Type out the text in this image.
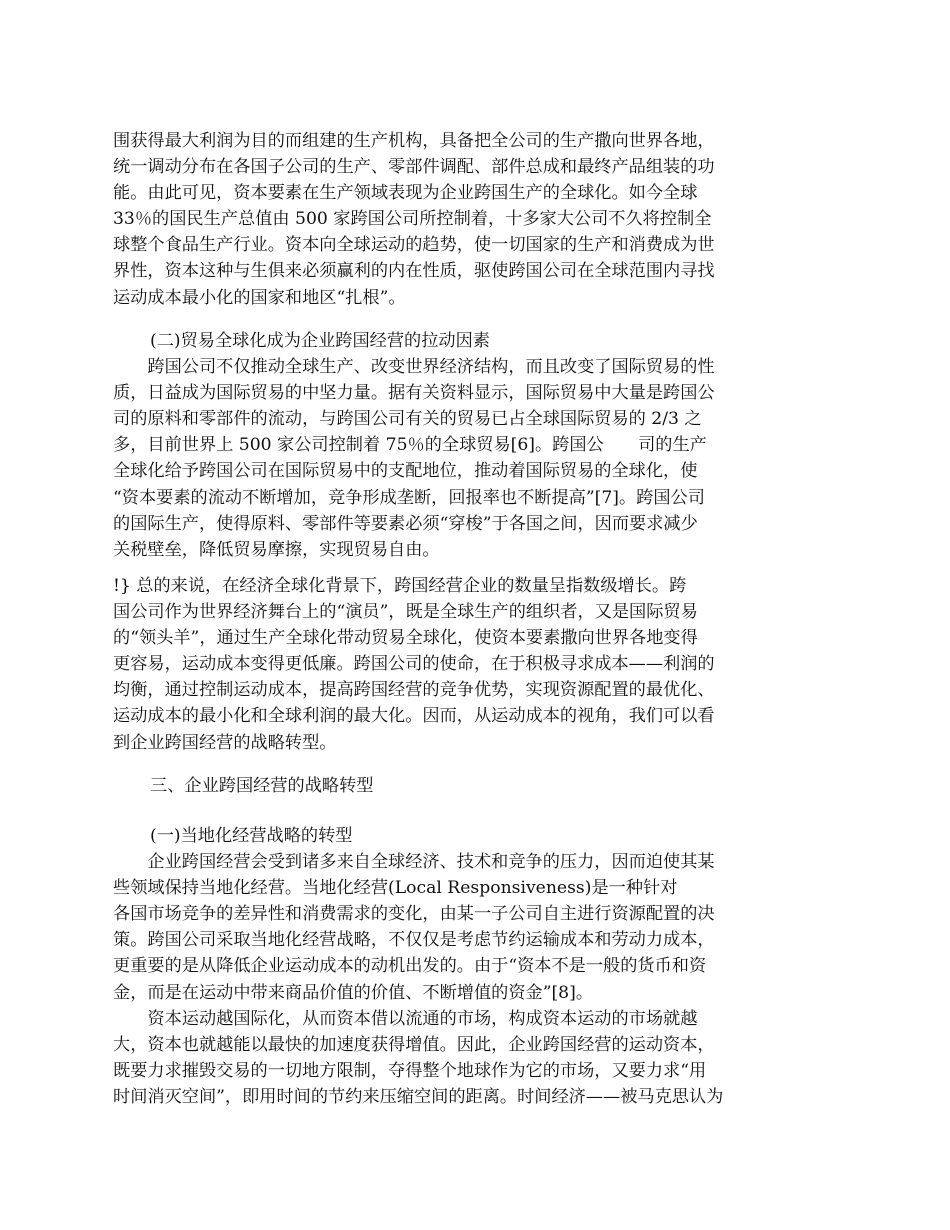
围获得最大利润为目的而组建的生产机构，具备把全公司的生产撒向世界各地，

统一调动分布在各国子公司的生产、零部件调配、部件总成和最终产品组装的功

能。由此可见，资本要素在生产领域表现为企业跨国生产的全球化。如今全球

33％的国民生产总值由 500 家跨国公司所控制着，十多家大公司不久将控制全

球整个食品生产行业。资本向全球运动的趋势，使一切国家的生产和消费成为世

界性，资本这种与生俱来必须赢利的内在性质，驱使跨国公司在全球范围内寻找

运动成本最小化的国家和地区“扎根”。

(二)贸易全球化成为企业跨国经营的拉动因素

　　跨国公司不仅推动全球生产、改变世界经济结构，而且改变了国际贸易的性

质，日益成为国际贸易的中坚力量。据有关资料显示，国际贸易中大量是跨国公

司的原料和零部件的流动，与跨国公司有关的贸易已占全球国际贸易的 2/3 之

多，目前世界上 500 家公司控制着 75％的全球贸易[6]。跨国公　　司的生产

全球化给予跨国公司在国际贸易中的支配地位，推动着国际贸易的全球化，使

“资本要素的流动不断增加，竞争形成垄断，回报率也不断提高”[7]。跨国公司

的国际生产，使得原料、零部件等要素必须“穿梭”于各国之间，因而要求减少

关税壁垒，降低贸易摩擦，实现贸易自由。

!} 总的来说，在经济全球化背景下，跨国经营企业的数量呈指数级增长。跨

国公司作为世界经济舞台上的“演员”，既是全球生产的组织者，又是国际贸易

的“领头羊”，通过生产全球化带动贸易全球化，使资本要素撒向世界各地变得

更容易，运动成本变得更低廉。跨国公司的使命，在于积极寻求成本——利润的

均衡，通过控制运动成本，提高跨国经营的竞争优势，实现资源配置的最优化、

运动成本的最小化和全球利润的最大化。因而，从运动成本的视角，我们可以看

到企业跨国经营的战略转型。

三、企业跨国经营的战略转型

(一)当地化经营战略的转型

　　企业跨国经营会受到诸多来自全球经济、技术和竞争的压力，因而迫使其某

些领域保持当地化经营。当地化经营(Local Responsiveness)是一种针对

各国市场竞争的差异性和消费需求的变化，由某一子公司自主进行资源配置的决

策。跨国公司采取当地化经营战略，不仅仅是考虑节约运输成本和劳动力成本，

更重要的是从降低企业运动成本的动机出发的。由于“资本不是一般的货币和资

金，而是在运动中带来商品价值的价值、不断增值的资金”[8]。

　　资本运动越国际化，从而资本借以流通的市场，构成资本运动的市场就越

大，资本也就越能以最快的加速度获得增值。因此，企业跨国经营的运动资本，

既要力求摧毁交易的一切地方限制，夺得整个地球作为它的市场，又要力求“用

时间消灭空间”，即用时间的节约来压缩空间的距离。时间经济——被马克思认为
